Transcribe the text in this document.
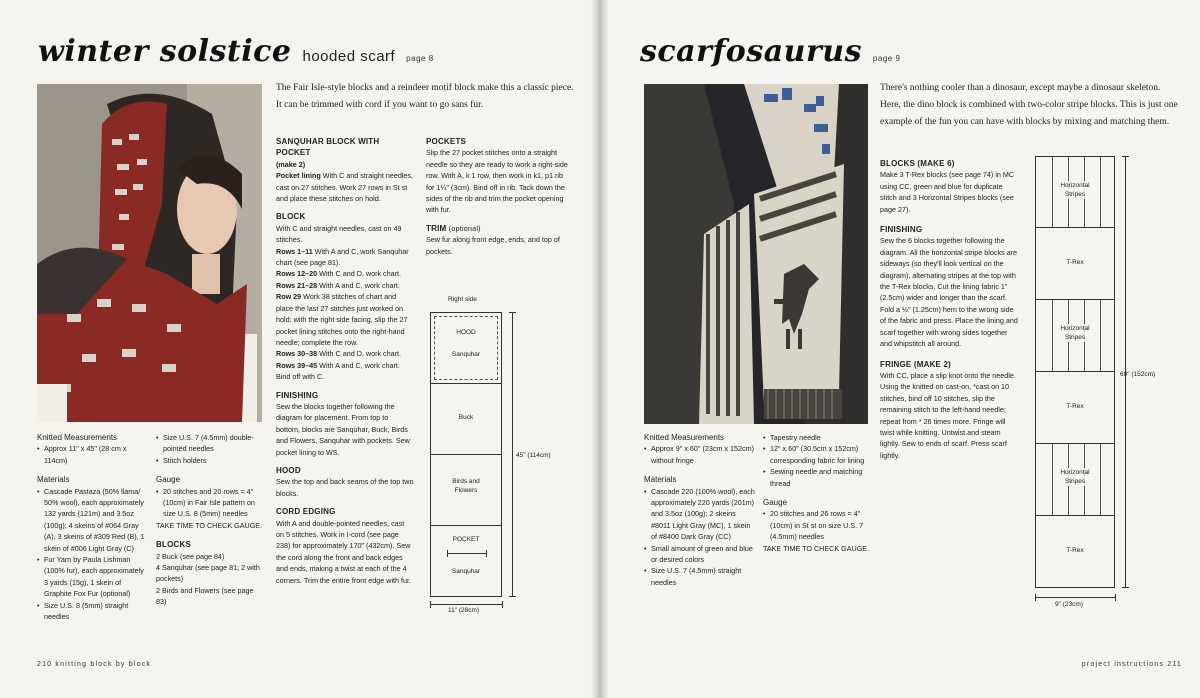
winter solstice hooded scarf page 8
The Fair Isle-style blocks and a reindeer motif block make this a classic piece. It can be trimmed with cord if you want to go sans fur.
Knitted Measurements
• Approx 11" x 45" (28 cm x 114cm)
Materials
• Cascade Pastaza (50% llama/ 50% wool), each approximately 132 yards (121m) and 3.5oz (100g); 4 skeins of #064 Gray (A), 3 skeins of #309 Red (B), 1 skein of #006 Light Gray (C)
• Fur Yarn by Paula Lishman (100% fur), each approximately 3 yards (15g), 1 skein of Graphite Fox Fur (optional)
• Size U.S. 8 (5mm) straight needles
• Size U.S. 7 (4.5mm) double-pointed needles
• Stitch holders
Gauge
• 20 stitches and 20 rows = 4" (10cm) in Fair Isle pattern on size U.S. 8 (5mm) needles

TAKE TIME TO CHECK GAUGE.

BLOCKS

2 Buck (see page 84)

4 Sanquhar (see page 81; 2 with pockets)

2 Birds and Flowers (see page 83)

SANQUHAR BLOCK WITH POCKET

(make 2)

Pocket lining With C and straight needles, cast on 27 stitches. Work 27 rows in St st and place these stitches on hold.

BLOCK

With C and straight needles, cast on 49 stitches.

Rows 1–11 With A and C, work Sanquhar chart (see page 81).

Rows 12–20 With C and D, work chart.

Rows 21–28 With A and C, work chart.

Row 29 Work 38 stitches of chart and place the last 27 stitches just worked on hold; with the right side facing, slip the 27 pocket lining stitches onto the right-hand needle; complete the row.

Rows 30–38 With C and D, work chart.

Rows 39–45 With A and C, work chart.

Bind off with C.

FINISHING

Sew the blocks together following the diagram for placement. From top to bottom, blocks are Sanquhar, Buck, Birds and Flowers, Sanquhar with pockets. Sew pocket lining to WS.

HOOD

Sew the top and back seams of the top two blocks.

CORD EDGING

With A and double-pointed needles, cast on 5 stitches. Work in I-cord (see page 238) for approximately 170" (432cm). Sew the cord along the front and back edges and ends, making a twist at each of the 4 corners. Trim the entire front edge with fur.

POCKETS

Slip the 27 pocket stitches onto a straight needle so they are ready to work a right-side row. With A, k 1 row, then work in k1, p1 rib for 1¼" (3cm). Bind off in rib. Tack down the sides of the rib and trim the pocket opening with fur.

TRIM (optional)

Sew fur along front edge, ends, and top of pockets.

Right side
HOOD
Sanquhar
Buck
Birds and Flowers
POCKET
Sanquhar
45" (114cm)
11" (28cm)
210 knitting block by block
scarfosaurus page 9
There's nothing cooler than a dinosaur, except maybe a dinosaur skeleton. Here, the dino block is combined with two-color stripe blocks. This is just one example of the fun you can have with blocks by mixing and matching them.
Knitted Measurements
• Approx 9" x 60" (23cm x 152cm) without fringe
Materials
• Cascade 220 (100% wool), each approximately 220 yards (201m) and 3.5oz (100g); 2 skeins #8011 Light Gray (MC), 1 skein of #8400 Dark Gray (CC)
• Small amount of green and blue or desired colors
• Size U.S. 7 (4.5mm) straight needles
• Tapestry needle
• 12" x 60" (30.5cm x 152cm) corresponding fabric for lining
• Sewing needle and matching thread
Gauge
• 20 stitches and 26 rows = 4" (10cm) in St st on size U.S. 7 (4.5mm) needles

TAKE TIME TO CHECK GAUGE.

BLOCKS (MAKE 6)

Make 3 T-Rex blocks (see page 74) in MC using CC, green and blue for duplicate stitch and 3 Horizontal Stripes blocks (see page 27).

FINISHING

Sew the 6 blocks together following the diagram. All the horizontal stripe blocks are sideways (so they'll look vertical on the diagram), alternating stripes at the top with the T-Rex blocks. Cut the lining fabric 1" (2.5cm) wider and longer than the scarf. Fold a ½" (1.25cm) hem to the wrong side of the fabric and press. Place the lining and scarf together with wrong sides together and whipstitch all around.

FRINGE (MAKE 2)

With CC, place a slip knot onto the needle. Using the knitted on cast-on, *cast on 10 stitches, bind off 10 stitches, slip the remaining stitch to the left-hand needle; repeat from * 26 times more. Fringe will twist while knitting. Untwist and steam lightly. Sew to ends of scarf. Press scarf lightly.

Horizontal Stripes
T-Rex
Horizontal Stripes
T-Rex
Horizontal Stripes
T-Rex
60" (152cm)
9" (23cm)
project instructions 211
